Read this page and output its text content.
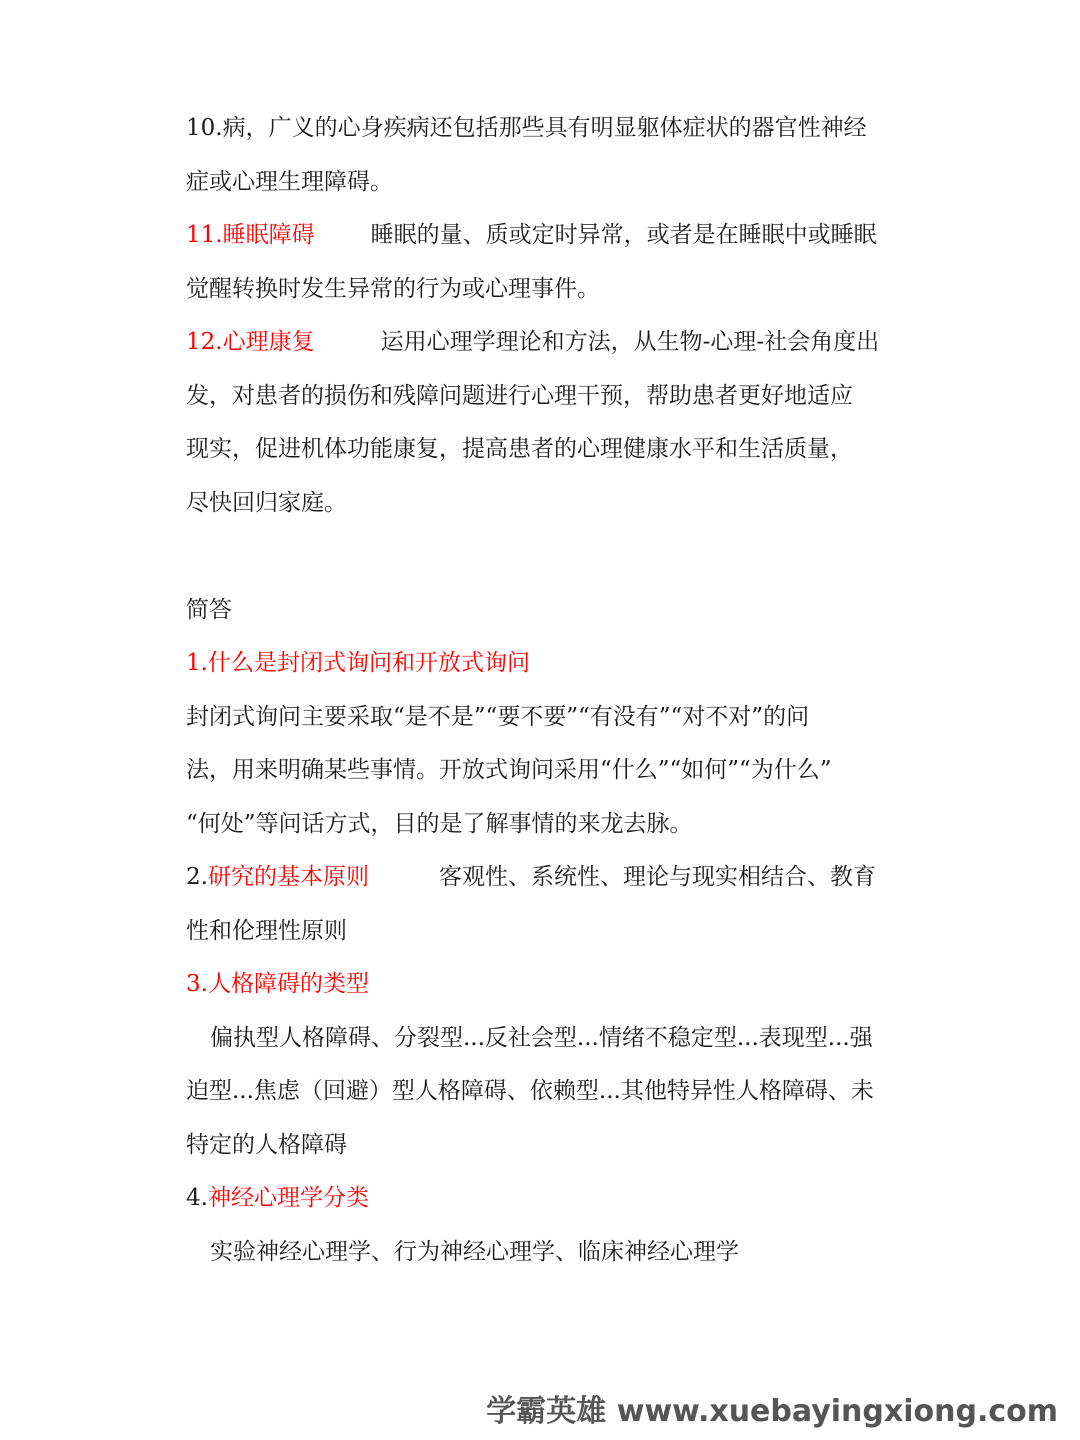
10.病，广义的心身疾病还包括那些具有明显躯体症状的器官性神经
症或心理生理障碍。
11.睡眠障碍 睡眠的量、质或定时异常，或者是在睡眠中或睡眠
觉醒转换时发生异常的行为或心理事件。
12.心理康复	运用心理学理论和方法，从生物-心理-社会角度出
发，对患者的损伤和残障问题进行心理干预，帮助患者更好地适应
现实，促进机体功能康复，提高患者的心理健康水平和生活质量，
尽快回归家庭。
简答
1.什么是封闭式询问和开放式询问
封闭式询问主要采取“是不是”“要不要”“有没有”“对不对”的问
法，用来明确某些事情。开放式询问采用“什么”“如何”“为什么”
“何处”等问话方式，目的是了解事情的来龙去脉。
2.研究的基本原则	客观性、系统性、理论与现实相结合、教育
性和伦理性原则
3.人格障碍的类型
偏执型人格障碍、分裂型...反社会型...情绪不稳定型...表现型...强
迫型...焦虑（回避）型人格障碍、依赖型...其他特异性人格障碍、未
特定的人格障碍
4.神经心理学分类
实验神经心理学、行为神经心理学、临床神经心理学
学霸英雄 www.xuebayingxiong.com
